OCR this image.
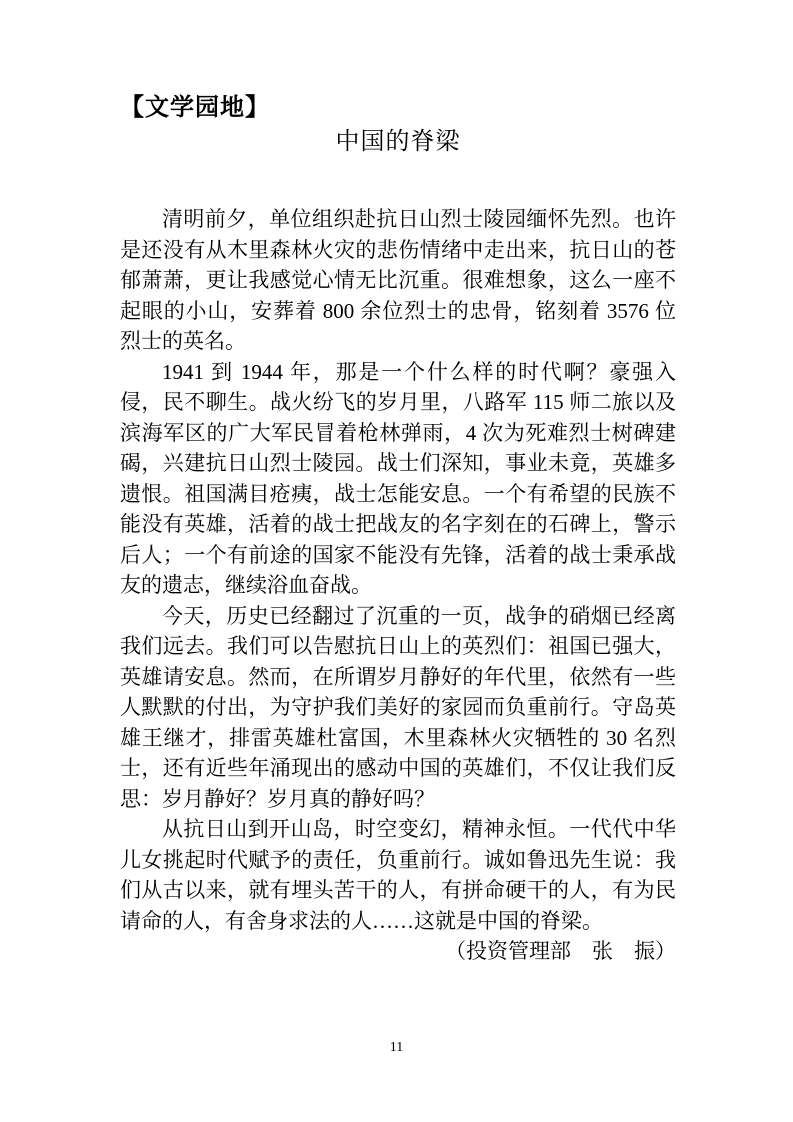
【文学园地】
中国的脊梁

清明前夕，单位组织赴抗日山烈士陵园缅怀先烈。也许是还没有从木里森林火灾的悲伤情绪中走出来，抗日山的苍郁萧萧，更让我感觉心情无比沉重。很难想象，这么一座不起眼的小山，安葬着 800 余位烈士的忠骨，铭刻着 3576 位烈士的英名。

1941 到 1944 年，那是一个什么样的时代啊？豪强入侵，民不聊生。战火纷飞的岁月里，八路军 115 师二旅以及滨海军区的广大军民冒着枪林弹雨，4 次为死难烈士树碑建碣，兴建抗日山烈士陵园。战士们深知，事业未竟，英雄多遗恨。祖国满目疮痍，战士怎能安息。一个有希望的民族不能没有英雄，活着的战士把战友的名字刻在的石碑上，警示后人；一个有前途的国家不能没有先锋，活着的战士秉承战友的遗志，继续浴血奋战。

今天，历史已经翻过了沉重的一页，战争的硝烟已经离我们远去。我们可以告慰抗日山上的英烈们：祖国已强大，英雄请安息。然而，在所谓岁月静好的年代里，依然有一些人默默的付出，为守护我们美好的家园而负重前行。守岛英雄王继才，排雷英雄杜富国，木里森林火灾牺牲的 30 名烈士，还有近些年涌现出的感动中国的英雄们，不仅让我们反思：岁月静好？岁月真的静好吗？

从抗日山到开山岛，时空变幻，精神永恒。一代代中华儿女挑起时代赋予的责任，负重前行。诚如鲁迅先生说：我们从古以来，就有埋头苦干的人，有拼命硬干的人，有为民请命的人，有舍身求法的人……这就是中国的脊梁。

（投资管理部　张　振）
11
